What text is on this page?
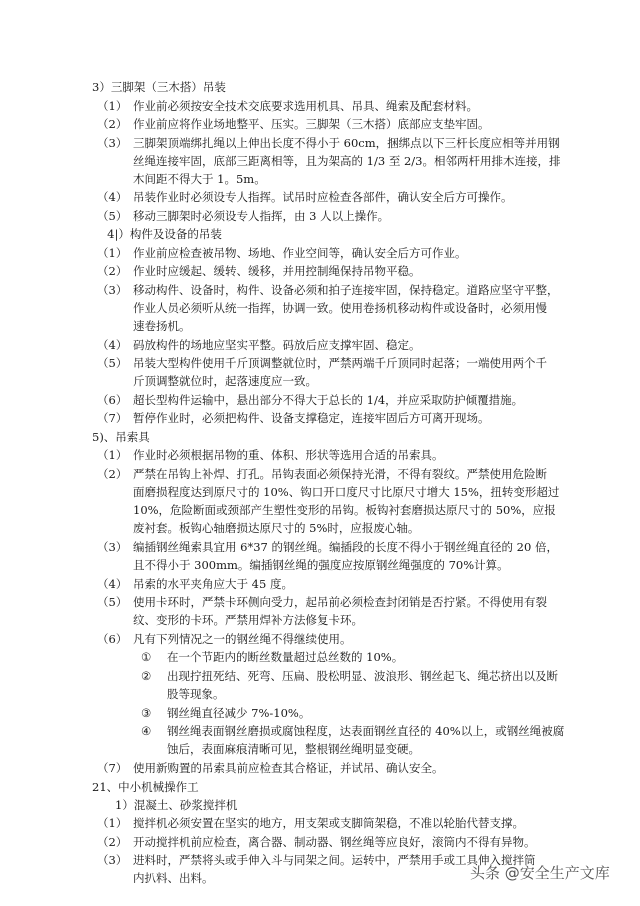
3）三脚架（三木搭）吊装
（1） 作业前必须按安全技术交底要求选用机具、吊具、绳索及配套材料。
（2） 作业前应将作业场地整平、压实。三脚架（三木搭）底部应支垫牢固。
（3） 三脚架顶端绑扎绳以上伸出长度不得小于 60cm，捆绑点以下三杆长度应相等并用钢
丝绳连接牢固，底部三距离相等，且为架高的 1/3 至 2/3。相邻两杆用排木连接，排
木间距不得大于 1。5m。
（4） 吊装作业时必须设专人指挥。试吊时应检查各部件，确认安全后方可操作。
（5） 移动三脚架时必须设专人指挥，由 3 人以上操作。
　 4|）构件及设备的吊装
（1） 作业前应检查被吊物、场地、作业空间等，确认安全后方可作业。
（2） 作业时应缓起、缓转、缓移，并用控制绳保持吊物平稳。
（3） 移动构件、设备时，构件、设备必须和拍子连接牢固，保持稳定。道路应坚守平整，
作业人员必须听从统一指挥，协调一致。使用卷扬机移动构件或设备时，必须用慢
速卷扬机。
（4） 码放构件的场地应坚实平整。码放后应支撑牢固、稳定。
（5） 吊装大型构件使用千斤顶调整就位时，严禁两端千斤顶同时起落；一端使用两个千
斤顶调整就位时，起落速度应一致。
（6） 超长型构件运输中，悬出部分不得大于总长的 1/4，并应采取防护倾覆措施。
（7） 暂停作业时，必须把构件、设备支撑稳定，连接牢固后方可离开现场。
5)、吊索具
（1） 作业时必须根据吊物的重、体积、形状等选用合适的吊索具。
（2） 严禁在吊钩上补焊、打孔。吊钩表面必须保持光滑，不得有裂纹。严禁使用危险断
面磨损程度达到原尺寸的 10%、钩口开口度尺寸比原尺寸增大 15%，扭转变形超过
10%，危险断面或颈部产生塑性变形的吊钩。板钩衬套磨损达原尺寸的 50%，应报
废衬套。板钩心轴磨损达原尺寸的 5%时，应报废心轴。
（3） 编插钢丝绳索具宜用 6*37 的钢丝绳。编插段的长度不得小于钢丝绳直径的 20 倍，
且不得小于 300mm。编插钢丝绳的强度应按原钢丝绳强度的 70%计算。
（4） 吊索的水平夹角应大于 45 度。
（5） 使用卡环时，严禁卡环侧向受力，起吊前必须检查封闭销是否拧紧。不得使用有裂
纹、变形的卡环。严禁用焊补方法修复卡环。
（6） 凡有下列情况之一的钢丝绳不得继续使用。
① 在一个节距内的断丝数量超过总丝数的 10%。
② 出现拧扭死结、死弯、压扁、股松明显、波浪形、钢丝起飞、绳芯挤出以及断
股等现象。
③ 钢丝绳直径减少 7%-10%。
④ 钢丝绳表面钢丝磨损或腐蚀程度，达表面钢丝直径的 40%以上，或钢丝绳被腐
蚀后，表面麻痕清晰可见，整根钢丝绳明显变硬。
（7） 使用新购置的吊索具前应检查其合格证，并试吊、确认安全。
21、中小机械操作工
　　1）混凝土、砂浆搅拌机
（1） 搅拌机必须安置在坚实的地方，用支架或支脚筒架稳，不准以轮胎代替支撑。
（2） 开动搅拌机前应检查，离合器、制动器、钢丝绳等应良好，滚筒内不得有异物。
（3） 进料时，严禁将头或手伸入斗与同架之间。运转中，严禁用手或工具伸入搅拌筒
内扒料、出料。	头条 @安全生产文库
